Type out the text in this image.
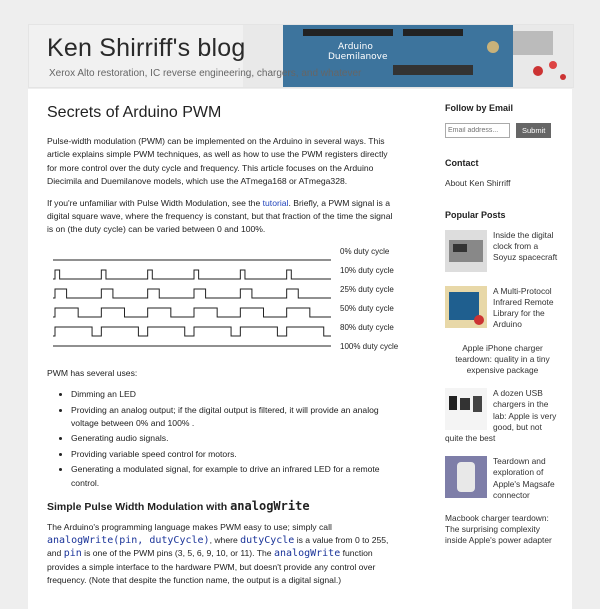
Arduino
Duemilanove
Ken Shirriff's blog
Xerox Alto restoration, IC reverse engineering, chargers, and whatever
Secrets of Arduino PWM

Pulse-width modulation (PWM) can be implemented on the Arduino in several ways. This article explains simple PWM techniques, as well as how to use the PWM registers directly for more control over the duty cycle and frequency. This article focuses on the Arduino Diecimila and Duemilanove models, which use the ATmega168 or ATmega328.

If you're unfamiliar with Pulse Width Modulation, see the tutorial. Briefly, a PWM signal is a digital square wave, where the frequency is constant, but that fraction of the time the signal is on (the duty cycle) can be varied between 0 and 100%.

0% duty cycle
10% duty cycle
25% duty cycle
50% duty cycle
80% duty cycle
100% duty cycle

PWM has several uses:

• Dimming an LED
• Providing an analog output; if the digital output is filtered, it will provide an analog voltage between 0% and 100% .
• Generating audio signals.
• Providing variable speed control for motors.
• Generating a modulated signal, for example to drive an infrared LED for a remote control.
Simple Pulse Width Modulation with analogWrite

The Arduino's programming language makes PWM easy to use; simply call analogWrite(pin, dutyCycle), where dutyCycle is a value from 0 to 255, and pin is one of the PWM pins (3, 5, 6, 9, 10, or 11). The analogWrite function provides a simple interface to the hardware PWM, but doesn't provide any control over frequency. (Note that despite the function name, the output is a digital signal.)

Follow by Email
Email address...
Submit
Contact
About Ken Shirriff
Popular Posts
Inside the digital clock from a Soyuz spacecraft
A Multi-Protocol Infrared Remote Library for the Arduino
Apple iPhone charger teardown: quality in a tiny expensive package
A dozen USB chargers in the lab: Apple is very good, but not quite the best
Teardown and exploration of Apple's Magsafe connector
Macbook charger teardown: The surprising complexity inside Apple's power adapter
